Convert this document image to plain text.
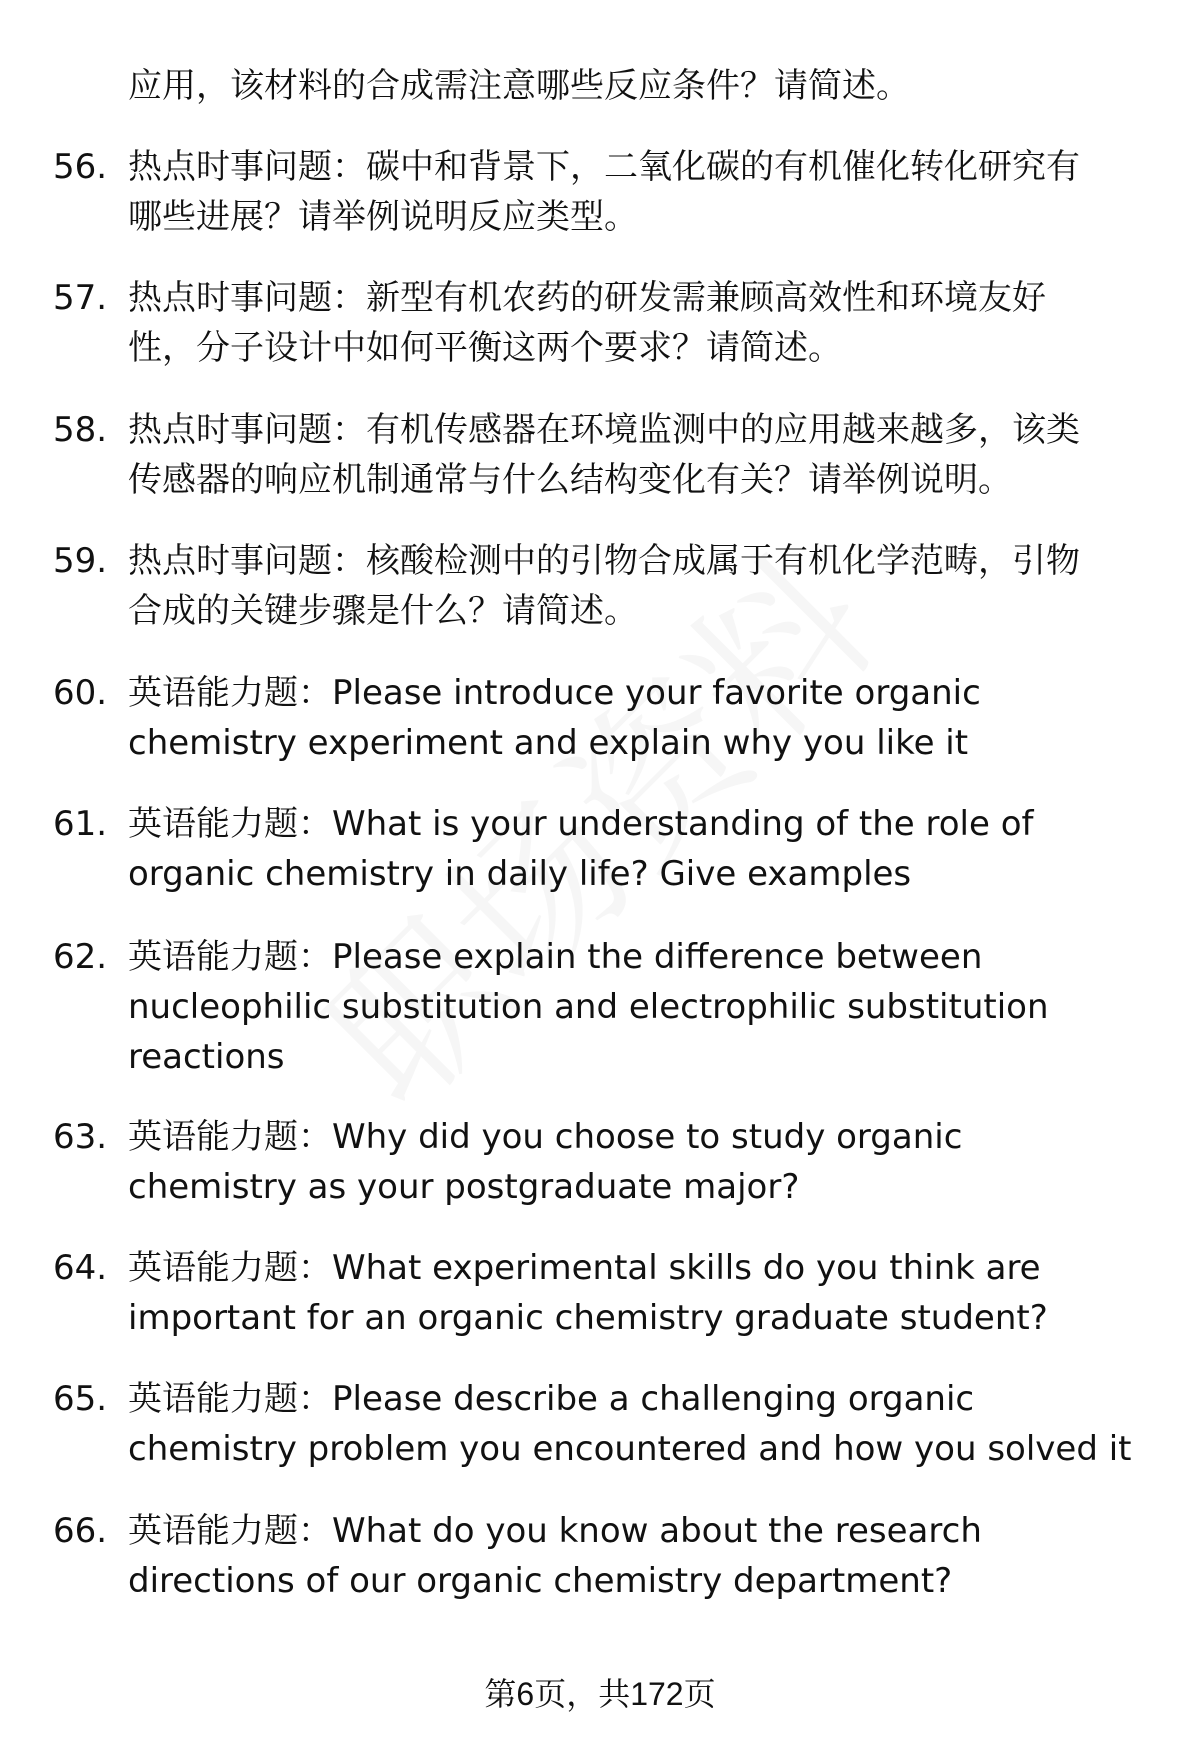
应用，该材料的合成需注意哪些反应条件？请简述。
56. 热点时事问题：碳中和背景下，二氧化碳的有机催化转化研究有
哪些进展？请举例说明反应类型。
57. 热点时事问题：新型有机农药的研发需兼顾高效性和环境友好
性，分子设计中如何平衡这两个要求？请简述。
58. 热点时事问题：有机传感器在环境监测中的应用越来越多，该类
传感器的响应机制通常与什么结构变化有关？请举例说明。
59. 热点时事问题：核酸检测中的引物合成属于有机化学范畴，引物
合成的关键步骤是什么？请简述。
60. 英语能力题：Please introduce your favorite organic
chemistry experiment and explain why you like it
61. 英语能力题：What is your understanding of the role of
organic chemistry in daily life? Give examples
62. 英语能力题：Please explain the difference between
nucleophilic substitution and electrophilic substitution
reactions
63. 英语能力题：Why did you choose to study organic
chemistry as your postgraduate major?
64. 英语能力题：What experimental skills do you think are
important for an organic chemistry graduate student?
65. 英语能力题：Please describe a challenging organic
chemistry problem you encountered and how you solved it
66. 英语能力题：What do you know about the research
directions of our organic chemistry department?
第6页，共172页
